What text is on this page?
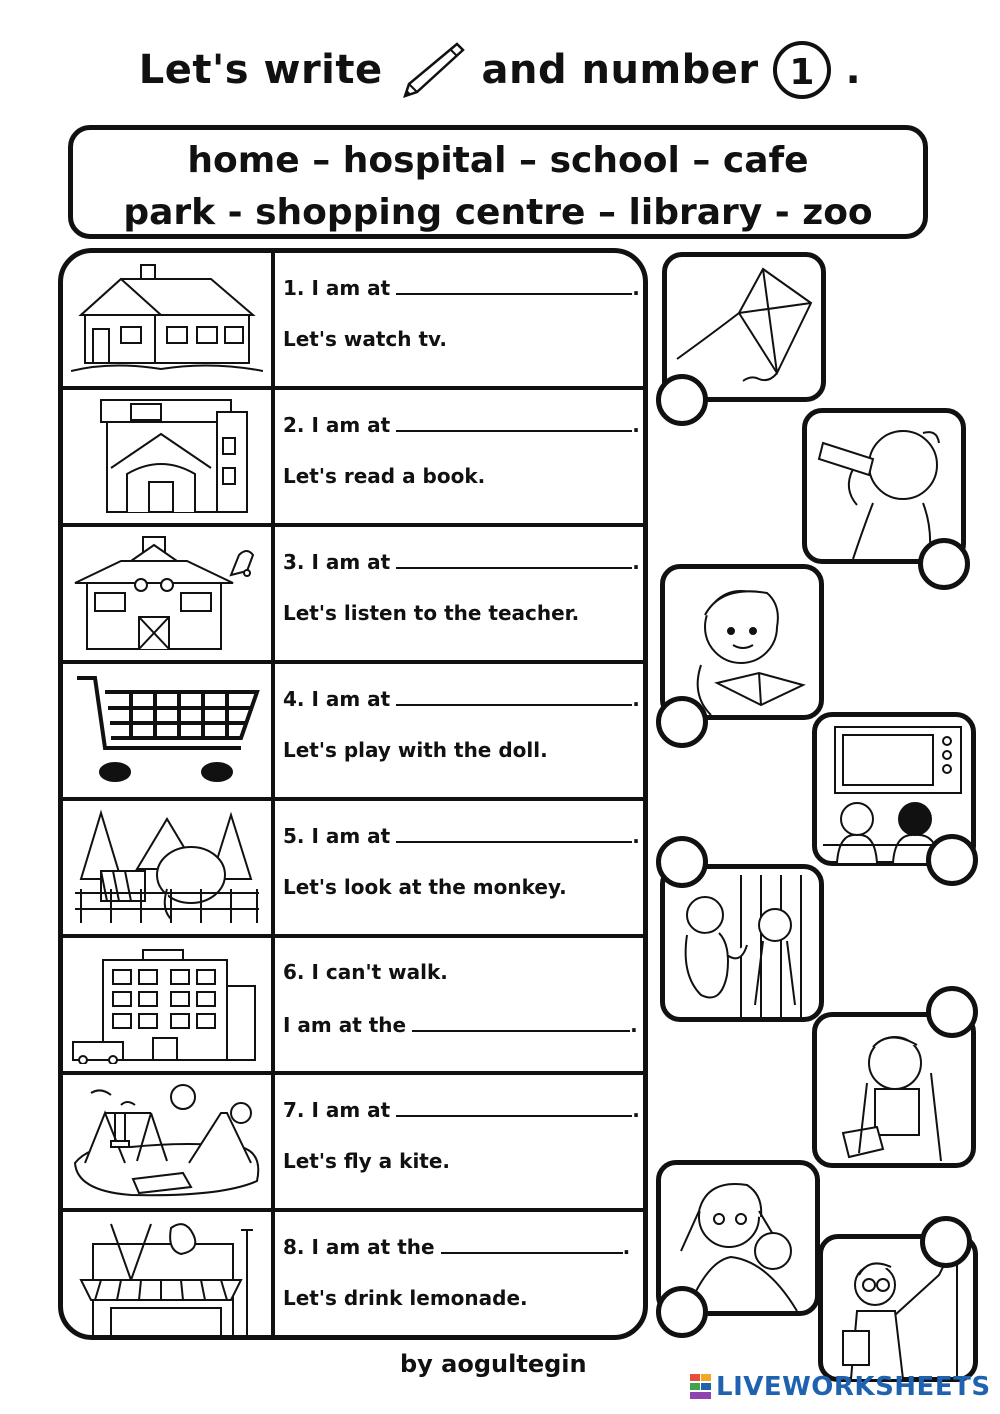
Let's write and number 1 .
home – hospital – school – cafe
park - shopping centre – library - zoo
1. I am at	.
Let's watch tv.
2. I am at	.
Let's read a book.
3. I am at	.
Let's listen to the teacher.
4. I am at	.
Let's play with the doll.
5. I am at	.
Let's look at the monkey.
6. I can't walk.
I am at the	.
7. I am at	.
Let's fly a kite.
8. I am at the	.
Let's drink lemonade.
by aogultegin
LIVEWORKSHEETS
